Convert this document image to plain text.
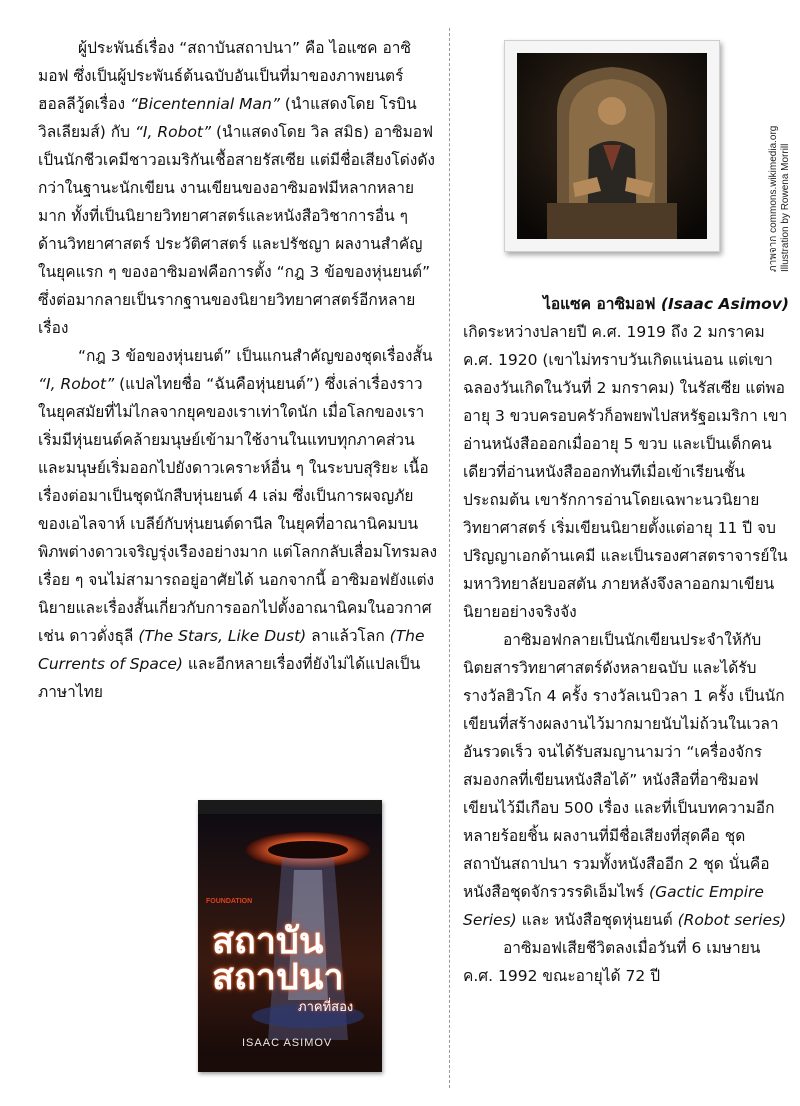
ผู้ประพันธ์เรื่อง “สถาบันสถาปนา” คือ ไอแซค อาซิมอฟ ซึ่งเป็นผู้ประพันธ์ต้นฉบับอันเป็นที่มาของภาพยนตร์ฮอลลีวู้ดเรื่อง “Bicentennial Man” (นำแสดงโดย โรบิน วิลเลียมส์) กับ “I, Robot” (นำแสดงโดย วิล สมิธ) อาซิมอฟเป็นนักชีวเคมีชาวอเมริกันเชื้อสายรัสเซีย แต่มีชื่อเสียงโด่งดังกว่าในฐานะนักเขียน งานเขียนของอาซิมอฟมีหลากหลายมาก ทั้งที่เป็นนิยายวิทยาศาสตร์และหนังสือวิชาการอื่น ๆ ด้านวิทยาศาสตร์ ประวัติศาสตร์ และปรัชญา ผลงานสำคัญในยุคแรก ๆ ของอาซิมอฟคือการตั้ง “กฎ 3 ข้อของหุ่นยนต์” ซึ่งต่อมากลายเป็นรากฐานของนิยายวิทยาศาสตร์อีกหลายเรื่อง

“กฎ 3 ข้อของหุ่นยนต์” เป็นแกนสำคัญของชุดเรื่องสั้น “I, Robot” (แปลไทยชื่อ “ฉันคือหุ่นยนต์”) ซึ่งเล่าเรื่องราวในยุคสมัยที่ไม่ไกลจากยุคของเราเท่าใดนัก เมื่อโลกของเราเริ่มมีหุ่นยนต์คล้ายมนุษย์เข้ามาใช้งานในแทบทุกภาคส่วน และมนุษย์เริ่มออกไปยังดาวเคราะห์อื่น ๆ ในระบบสุริยะ เนื้อเรื่องต่อมาเป็นชุดนักสืบหุ่นยนต์ 4 เล่ม ซึ่งเป็นการผจญภัยของเอไลจาห์ เบลีย์กับหุ่นยนต์ดานีล ในยุคที่อาณานิคมบนพิภพต่างดาวเจริญรุ่งเรืองอย่างมาก แต่โลกกลับเสื่อมโทรมลงเรื่อย ๆ จนไม่สามารถอยู่อาศัยได้ นอกจากนี้ อาซิมอฟยังแต่งนิยายและเรื่องสั้นเกี่ยวกับการออกไปตั้งอาณานิคมในอวกาศ เช่น ดาวดั่งธุลี (The Stars, Like Dust) ลาแล้วโลก (The Currents of Space) และอีกหลายเรื่องที่ยังไม่ได้แปลเป็นภาษาไทย

ภาพจาก commons.wikimedia.org
Illustration by Rowena Morrill

ไอแซค อาซิมอฟ (Isaac Asimov)

เกิดระหว่างปลายปี ค.ศ. 1919 ถึง 2 มกราคม ค.ศ. 1920 (เขาไม่ทราบวันเกิดแน่นอน แต่เขาฉลองวันเกิดในวันที่ 2 มกราคม) ในรัสเซีย แต่พออายุ 3 ขวบครอบครัวก็อพยพไปสหรัฐอเมริกา เขาอ่านหนังสือออกเมื่ออายุ 5 ขวบ และเป็นเด็กคนเดียวที่อ่านหนังสือออกทันทีเมื่อเข้าเรียนชั้นประถมต้น เขารักการอ่านโดยเฉพาะนวนิยายวิทยาศาสตร์ เริ่มเขียนนิยายตั้งแต่อายุ 11 ปี จบปริญญาเอกด้านเคมี และเป็นรองศาสตราจารย์ในมหาวิทยาลัยบอสตัน ภายหลังจึงลาออกมาเขียนนิยายอย่างจริงจัง

อาซิมอฟกลายเป็นนักเขียนประจำให้กับนิตยสารวิทยาศาสตร์ดังหลายฉบับ และได้รับรางวัลฮิวโก 4 ครั้ง รางวัลเนบิวลา 1 ครั้ง เป็นนักเขียนที่สร้างผลงานไว้มากมายนับไม่ถ้วนในเวลาอันรวดเร็ว จนได้รับสมญานามว่า “เครื่องจักรสมองกลที่เขียนหนังสือได้” หนังสือที่อาซิมอฟเขียนไว้มีเกือบ 500 เรื่อง และที่เป็นบทความอีกหลายร้อยชิ้น ผลงานที่มีชื่อเสียงที่สุดคือ ชุดสถาบันสถาปนา รวมทั้งหนังสืออีก 2 ชุด นั่นคือ หนังสือชุดจักรวรรดิเอ็มไพร์ (Gactic Empire Series) และ หนังสือชุดหุ่นยนต์ (Robot series)

อาซิมอฟเสียชีวิตลงเมื่อวันที่ 6 เมษายน ค.ศ. 1992 ขณะอายุได้ 72 ปี

FOUNDATION
สถาบัน
สถาปนา
ภาคที่สอง
ISAAC ASIMOV
